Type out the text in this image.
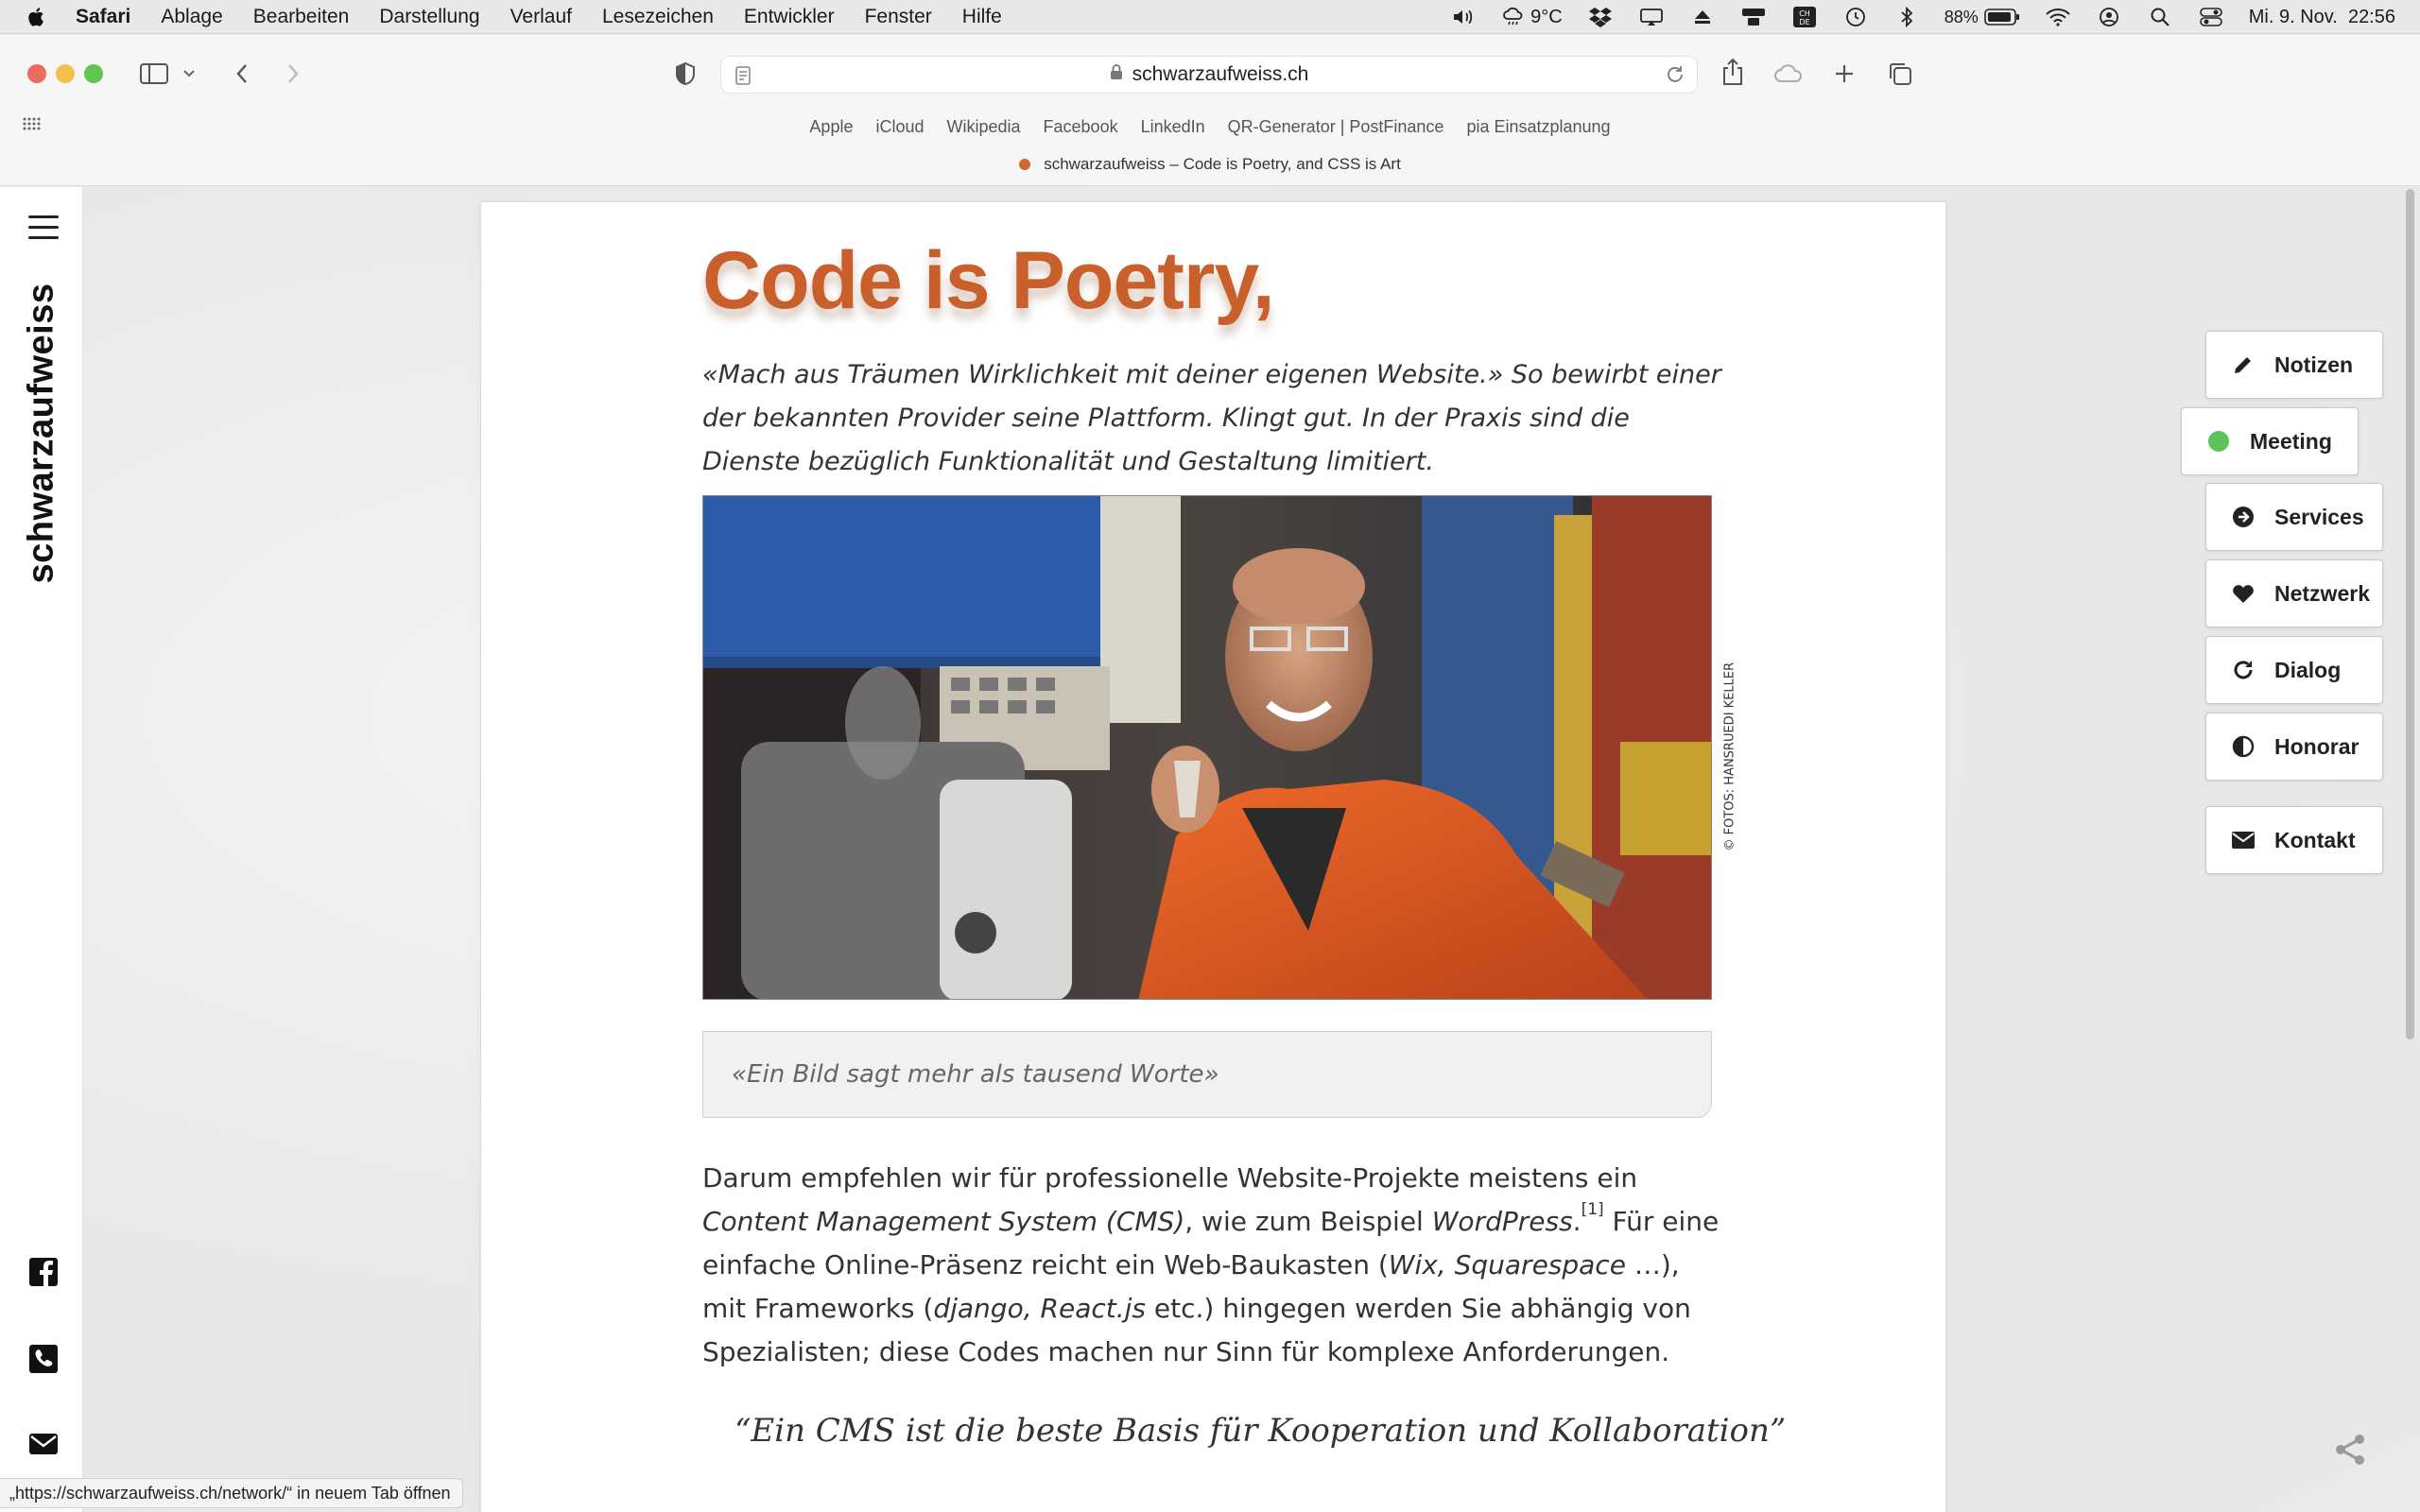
Safari Ablage Bearbeiten Darstellung Verlauf Lesezeichen Entwickler Fenster Hilfe	9°C	CH
DE	88%	Mi. 9. Nov.  22:56
schwarzaufweiss.ch
Apple iCloud Wikipedia Facebook LinkedIn QR-Generator | PostFinance pia Einsatzplanung
schwarzaufweiss – Code is Poetry, and CSS is Art
schwarzaufweiss
Code is Poetry,

«Mach aus Träumen Wirklichkeit mit deiner eigenen Website.» So bewirbt einer der bekannten Provider seine Plattform. Klingt gut. In der Praxis sind die Dienste bezüglich Funktionalität und Gestaltung limitiert.

© FOTOS: HANSRUEDI KELLER
«Ein Bild sagt mehr als tausend Worte»

Darum empfehlen wir für professionelle Website-Projekte meistens ein Content Management System (CMS), wie zum Beispiel WordPress.[1] Für eine einfache Online-Präsenz reicht ein Web-Baukasten (Wix, Squarespace …), mit Frameworks (django, React.js etc.) hingegen werden Sie abhängig von Spezialisten; diese Codes machen nur Sinn für komplexe Anforderungen.

“Ein CMS ist die beste Basis für Kooperation und Kollaboration”

Notizen
Meeting
Services
Netzwerk
Dialog
Honorar
Kontakt
„https://schwarzaufweiss.ch/network/“ in neuem Tab öffnen
